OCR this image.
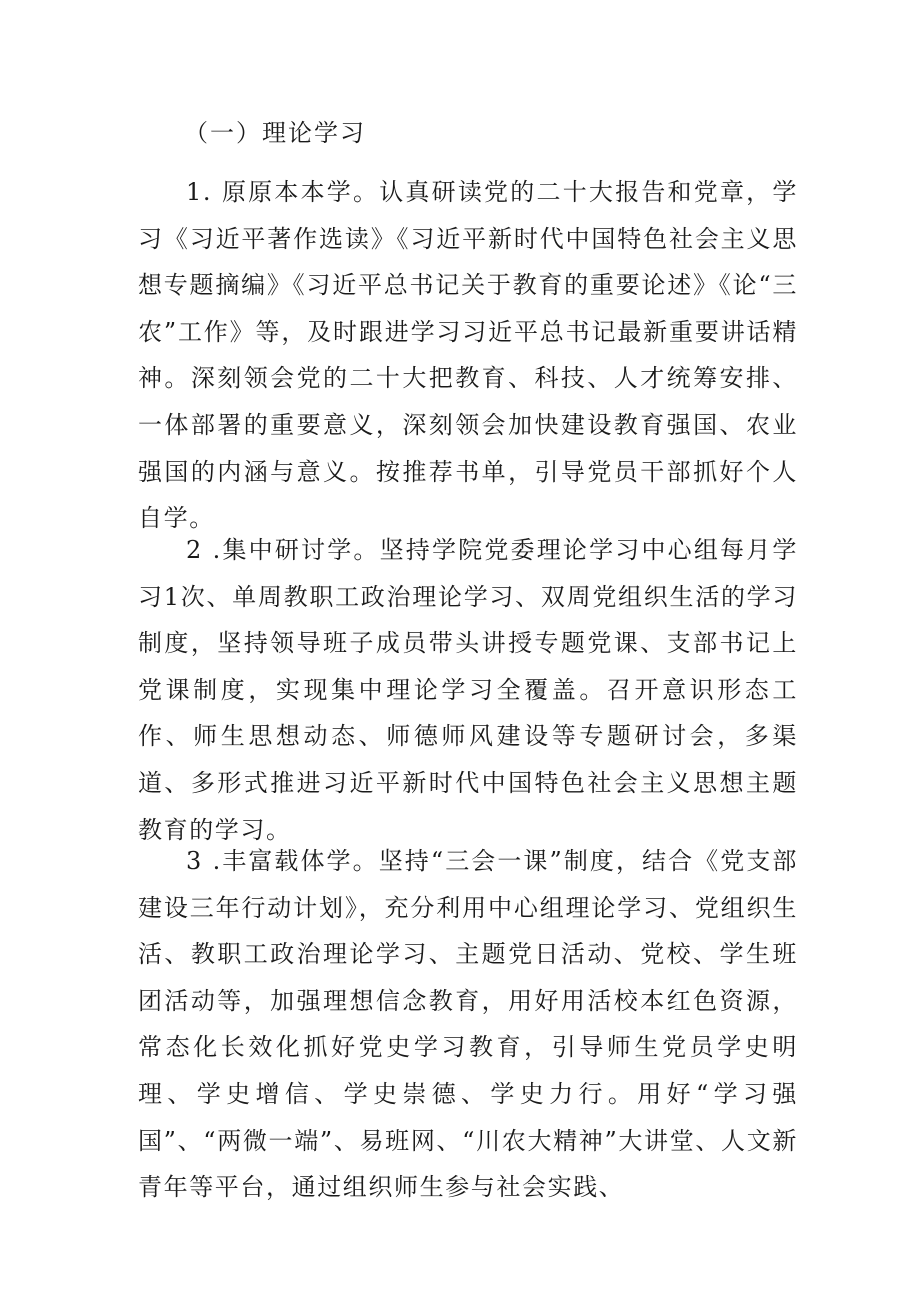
（一）理论学习

1. 原原本本学。认真研读党的二十大报告和党章，学习《习近平著作选读》《习近平新时代中国特色社会主义思想专题摘编》《习近平总书记关于教育的重要论述》《论“三农”工作》等，及时跟进学习习近平总书记最新重要讲话精神。深刻领会党的二十大把教育、科技、人才统筹安排、一体部署的重要意义，深刻领会加快建设教育强国、农业强国的内涵与意义。按推荐书单，引导党员干部抓好个人自学。

2 .集中研讨学。坚持学院党委理论学习中心组每月学习1次、单周教职工政治理论学习、双周党组织生活的学习制度，坚持领导班子成员带头讲授专题党课、支部书记上党课制度，实现集中理论学习全覆盖。召开意识形态工作、师生思想动态、师德师风建设等专题研讨会，多渠道、多形式推进习近平新时代中国特色社会主义思想主题教育的学习。

3 .丰富载体学。坚持“三会一课”制度，结合《党支部建设三年行动计划》，充分利用中心组理论学习、党组织生活、教职工政治理论学习、主题党日活动、党校、学生班团活动等，加强理想信念教育，用好用活校本红色资源，常态化长效化抓好党史学习教育，引导师生党员学史明理、学史增信、学史崇德、学史力行。用好“学习强国”、“两微一端”、易班网、“川农大精神”大讲堂、人文新青年等平台，通过组织师生参与社会实践、
